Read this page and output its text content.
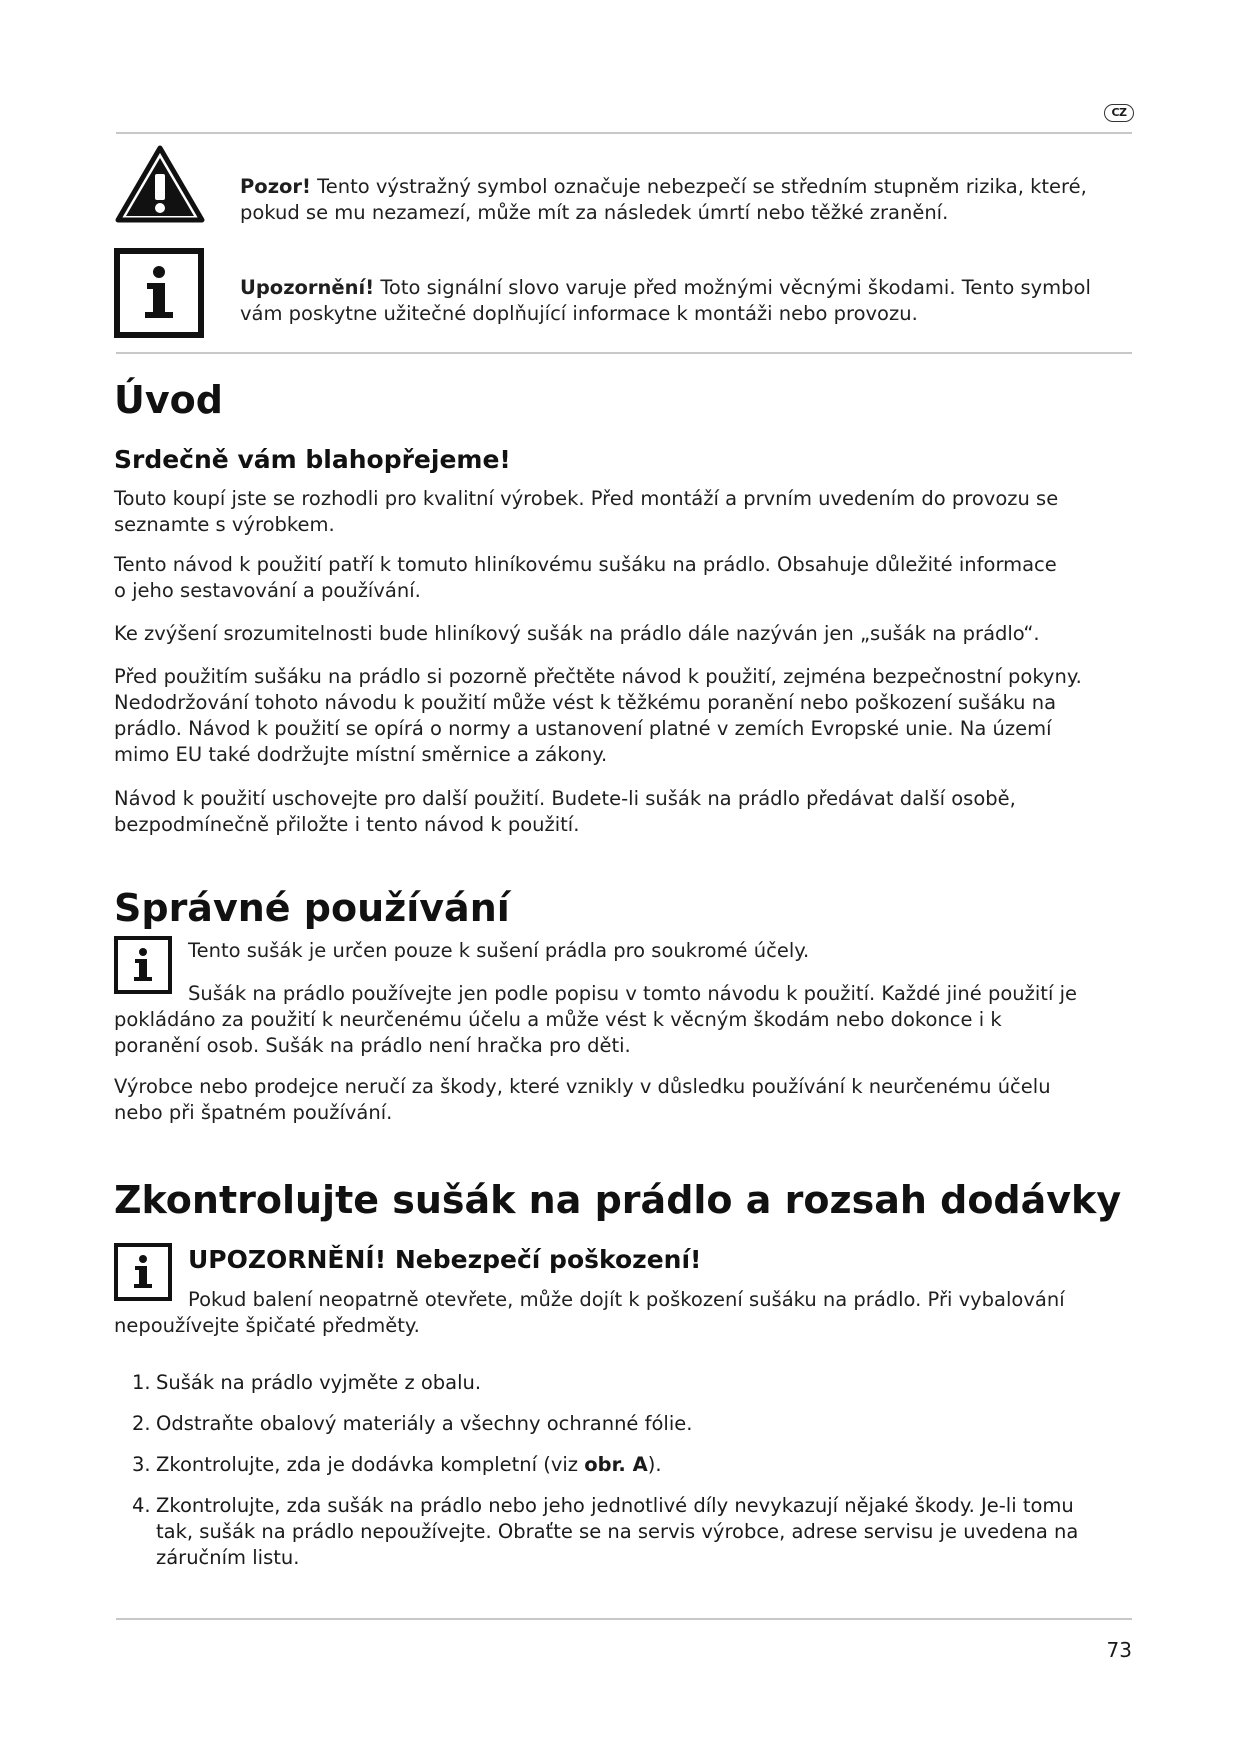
CZ

Pozor! Tento výstražný symbol označuje nebezpečí se středním stupněm rizika, které, pokud se mu nezamezí, může mít za následek úmrtí nebo těžké zranění.

Upozornění! Toto signální slovo varuje před možnými věcnými škodami. Tento symbol vám poskytne užitečné doplňující informace k montáži nebo provozu.

Úvod
Srdečně vám blahopřejeme!

Touto koupí jste se rozhodli pro kvalitní výrobek. Před montáží a prvním uvedením do provozu se seznamte s výrobkem.

Tento návod k použití patří k tomuto hliníkovému sušáku na prádlo. Obsahuje důležité informace o jeho sestavování a používání.

Ke zvýšení srozumitelnosti bude hliníkový sušák na prádlo dále nazýván jen „sušák na prádlo“.

Před použitím sušáku na prádlo si pozorně přečtěte návod k použití, zejména bezpečnostní pokyny. Nedodržování tohoto návodu k použití může vést k těžkému poranění nebo poškození sušáku na prádlo. Návod k použití se opírá o normy a ustanovení platné v zemích Evropské unie. Na území mimo EU také dodržujte místní směrnice a zákony.

Návod k použití uschovejte pro další použití. Budete-li sušák na prádlo předávat další osobě, bezpodmínečně přiložte i tento návod k použití.

Správné používání

Tento sušák je určen pouze k sušení prádla pro soukromé účely.

Sušák na prádlo používejte jen podle popisu v tomto návodu k použití. Každé jiné použití je pokládáno za použití k neurčenému účelu a může vést k věcným škodám nebo dokonce i k poranění osob. Sušák na prádlo není hračka pro děti.

Výrobce nebo prodejce neručí za škody, které vznikly v důsledku používání k neurčenému účelu nebo při špatném používání.

Zkontrolujte sušák na prádlo a rozsah dodávky
UPOZORNĚNÍ! Nebezpečí poškození!

Pokud balení neopatrně otevřete, může dojít k poškození sušáku na prádlo. Při vybalování nepoužívejte špičaté předměty.

1. Sušák na prádlo vyjměte z obalu.
2. Odstraňte obalový materiály a všechny ochranné fólie.
3. Zkontrolujte, zda je dodávka kompletní (viz obr. A).
4. Zkontrolujte, zda sušák na prádlo nebo jeho jednotlivé díly nevykazují nějaké škody. Je-li tomu tak, sušák na prádlo nepoužívejte. Obraťte se na servis výrobce, adrese servisu je uvedena na záručním listu.
73
